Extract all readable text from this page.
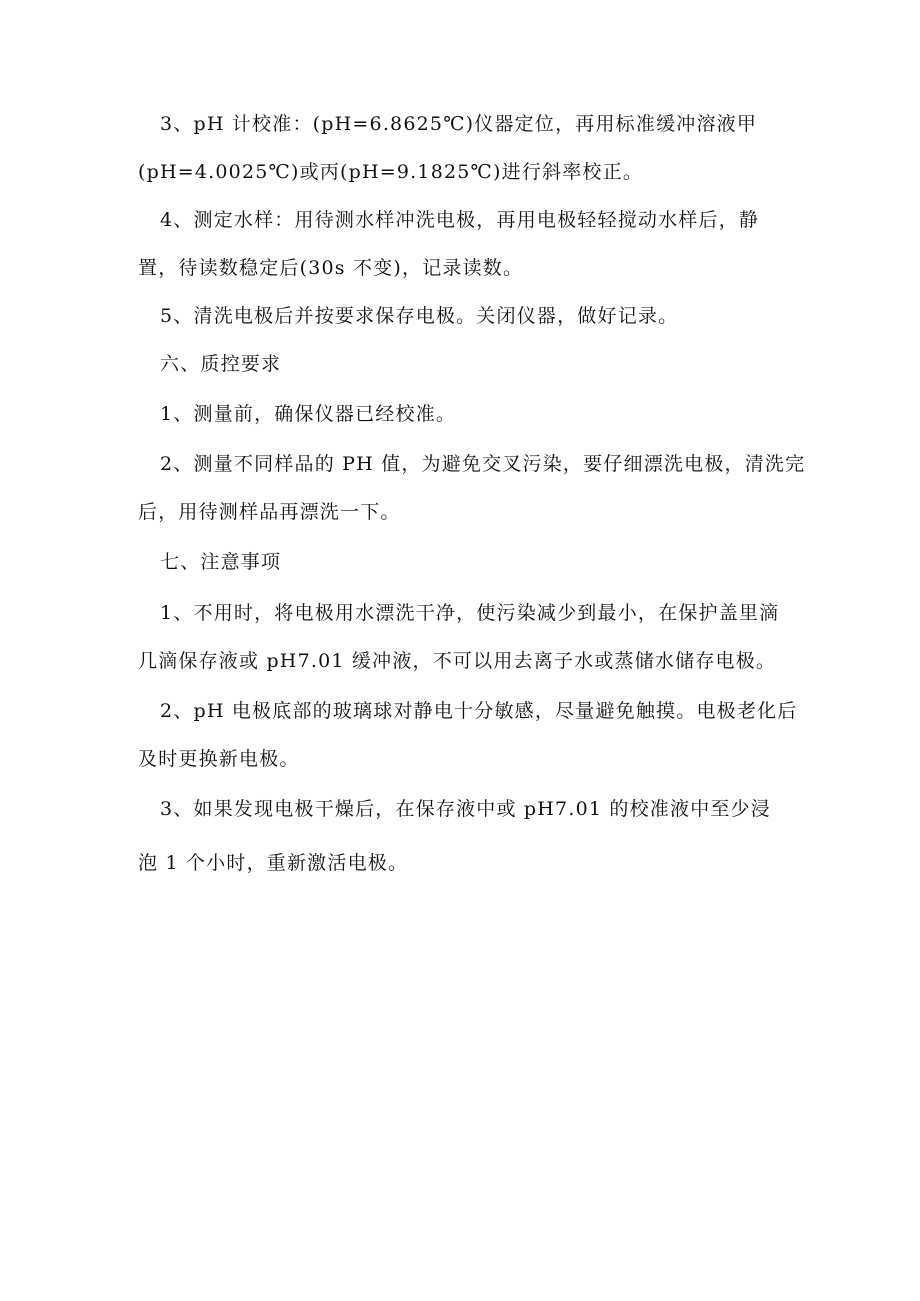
3、pH 计校准：(pH=6.8625℃)仪器定位，再用标准缓冲溶液甲
(pH=4.0025℃)或丙(pH=9.1825℃)进行斜率校正。
4、测定水样：用待测水样冲洗电极，再用电极轻轻搅动水样后，静
置，待读数稳定后(30s 不变)，记录读数。
5、清洗电极后并按要求保存电极。关闭仪器，做好记录。
六、质控要求
1、测量前，确保仪器已经校准。
2、测量不同样品的 PH 值，为避免交叉污染，要仔细漂洗电极，清洗完
后，用待测样品再漂洗一下。
七、注意事项
1、不用时，将电极用水漂洗干净，使污染减少到最小，在保护盖里滴
几滴保存液或 pH7.01 缓冲液，不可以用去离子水或蒸储水储存电极。
2、pH 电极底部的玻璃球对静电十分敏感，尽量避免触摸。电极老化后
及时更换新电极。
3、如果发现电极干燥后，在保存液中或 pH7.01 的校准液中至少浸
泡 1 个小时，重新激活电极。
